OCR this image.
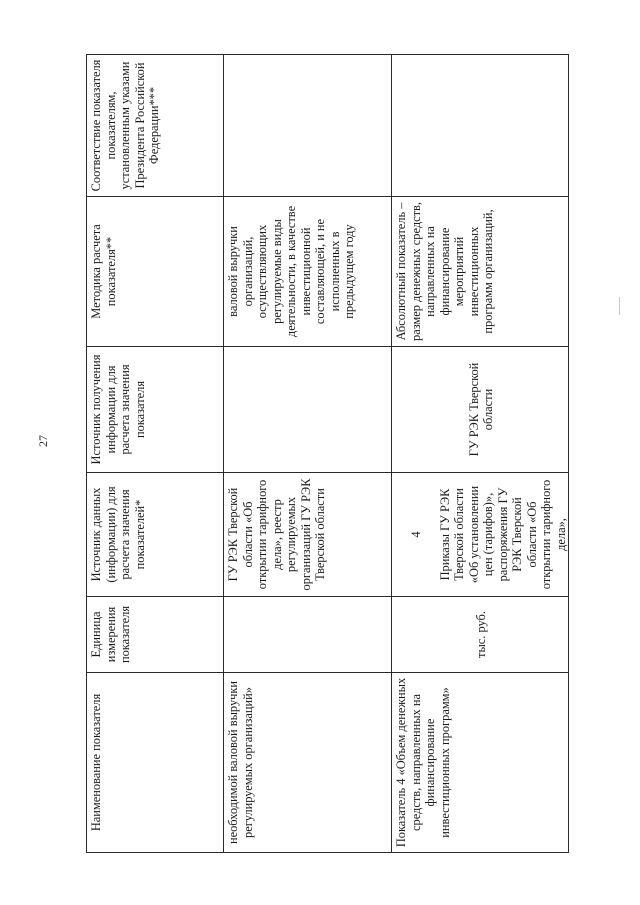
27
Наименование показателя	Единица измерения показателя	Источник данных (информации) для расчета значения показателей*	Источник получения информации для расчета значения показателя	Методика расчета показателя**	Соответствие показателя показателям, установленным указами Президента Российской Федерации***
необходимой валовой выручки регулируемых организаций»		ГУ РЭК Тверской области «Об открытии тарифного дела», реестр регулируемых организаций ГУ РЭК Тверской области		валовой выручки организаций, осуществляющих регулируемые виды деятельности, в качестве инвестиционной составляющей, и не исполненных в предыдущем году	
Показатель 4 «Объем денежных средств, направленных на финансирование инвестиционных программ»	тыс. руб.	4 Приказы ГУ РЭК Тверской области «Об установлении цен (тарифов)», распоряжения ГУ РЭК Тверской области «Об открытии тарифного дела»,	ГУ РЭК Тверской области	Абсолютный показатель – размер денежных средств, направленных на финансирование мероприятий инвестиционных программ организаций,	
